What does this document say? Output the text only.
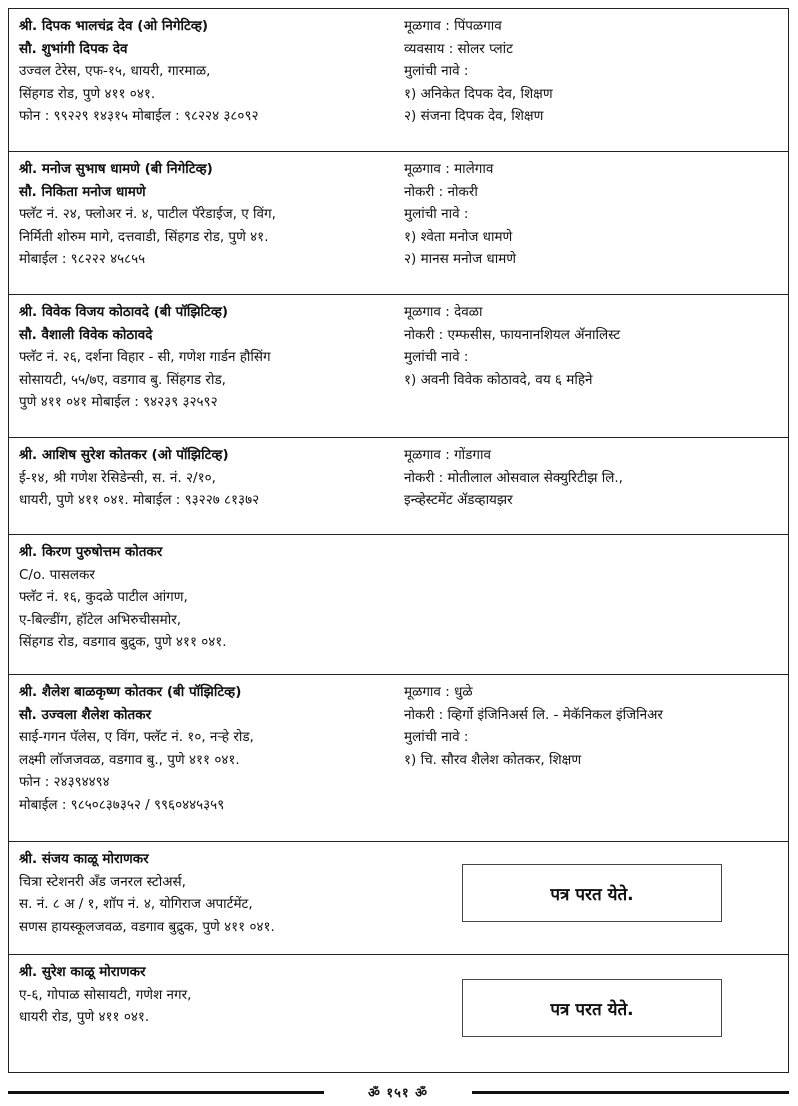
श्री. दिपक भालचंद्र देव (ओ निगेटिव्ह)
सौ. शुभांगी दिपक देव
उज्वल टेरेस, एफ-१५, धायरी, गारमाळ,
सिंहगड रोड, पुणे ४११ ०४१.
फोन : ९९२२९ १४३१५ मोबाईल : ९८२२४ ३८०९२
मूळगाव : पिंपळगाव
व्यवसाय : सोलर प्लांट
मुलांची नावे :
१) अनिकेत दिपक देव, शिक्षण
२) संजना दिपक देव, शिक्षण
श्री. मनोज सुभाष धामणे (बी निगेटिव्ह)
सौ. निकिता मनोज धामणे
फ्लॅट नं. २४, फ्लोअर नं. ४, पाटील पॅरेडाईज, ए विंग,
निर्मिती शोरुम मागे, दत्तवाडी, सिंहगड रोड, पुणे ४१.
मोबाईल : ९८२२२ ४५८५५
मूळगाव : मालेगाव
नोकरी : नोकरी
मुलांची नावे :
१) श्वेता मनोज धामणे
२) मानस मनोज धामणे
श्री. विवेक विजय कोठावदे (बी पॉझिटिव्ह)
सौ. वैशाली विवेक कोठावदे
फ्लॅट नं. २६, दर्शना विहार - सी, गणेश गार्डन हौसिंग
सोसायटी, ५५/७ए, वडगाव बु. सिंहगड रोड,
पुणे ४११ ०४१ मोबाईल : ९४२३९ ३२५९२
मूळगाव : देवळा
नोकरी : एम्फसीस, फायनानशियल ॲनालिस्ट
मुलांची नावे :
१) अवनी विवेक कोठावदे, वय ६ महिने
श्री. आशिष सुरेश कोतकर (ओ पॉझिटिव्ह)
ई-१४, श्री गणेश रेसिडेन्सी, स. नं. २/१०,
धायरी, पुणे ४११ ०४१. मोबाईल : ९३२२७ ८१३७२
मूळगाव : गोंडगाव
नोकरी : मोतीलाल ओसवाल सेक्युरिटीझ लि.,
इन्व्हेस्टमेंट ॲडव्हायझर
श्री. किरण पुरुषोत्तम कोतकर
C/o. पासलकर
फ्लॅट नं. १६, कुदळे पाटील आंगण,
ए-बिल्डींग, हॉटेल अभिरुचीसमोर,
सिंहगड रोड, वडगाव बुद्रुक, पुणे ४११ ०४१.
श्री. शैलेश बाळकृष्ण कोतकर (बी पॉझिटिव्ह)
सौ. उज्वला शैलेश कोतकर
साई-गगन पॅलेस, ए विंग, फ्लॅट नं. १०, नऱ्हे रोड,
लक्ष्मी लॉजजवळ, वडगाव बु., पुणे ४११ ०४१.
फोन : २४३९४४९४
मोबाईल : ९८५०८३७३५२ / ९९६०४४५३५९
मूळगाव : धुळे
नोकरी : व्हिर्गो इंजिनिअर्स लि. - मेकॅनिकल इंजिनिअर
मुलांची नावे :
१) चि. सौरव शैलेश कोतकर, शिक्षण
श्री. संजय काळू मोराणकर
चित्रा स्टेशनरी अँड जनरल स्टोअर्स,
स. नं. ८ अ / १, शॉप नं. ४, योगिराज अपार्टमेंट,
सणस हायस्कूलजवळ, वडगाव बुद्रुक, पुणे ४११ ०४१.
पत्र परत येते.
श्री. सुरेश काळू मोराणकर
ए-६, गोपाळ सोसायटी, गणेश नगर,
धायरी रोड, पुणे ४११ ०४१.	पत्र परत येते.
ॐ १५१ ॐ
